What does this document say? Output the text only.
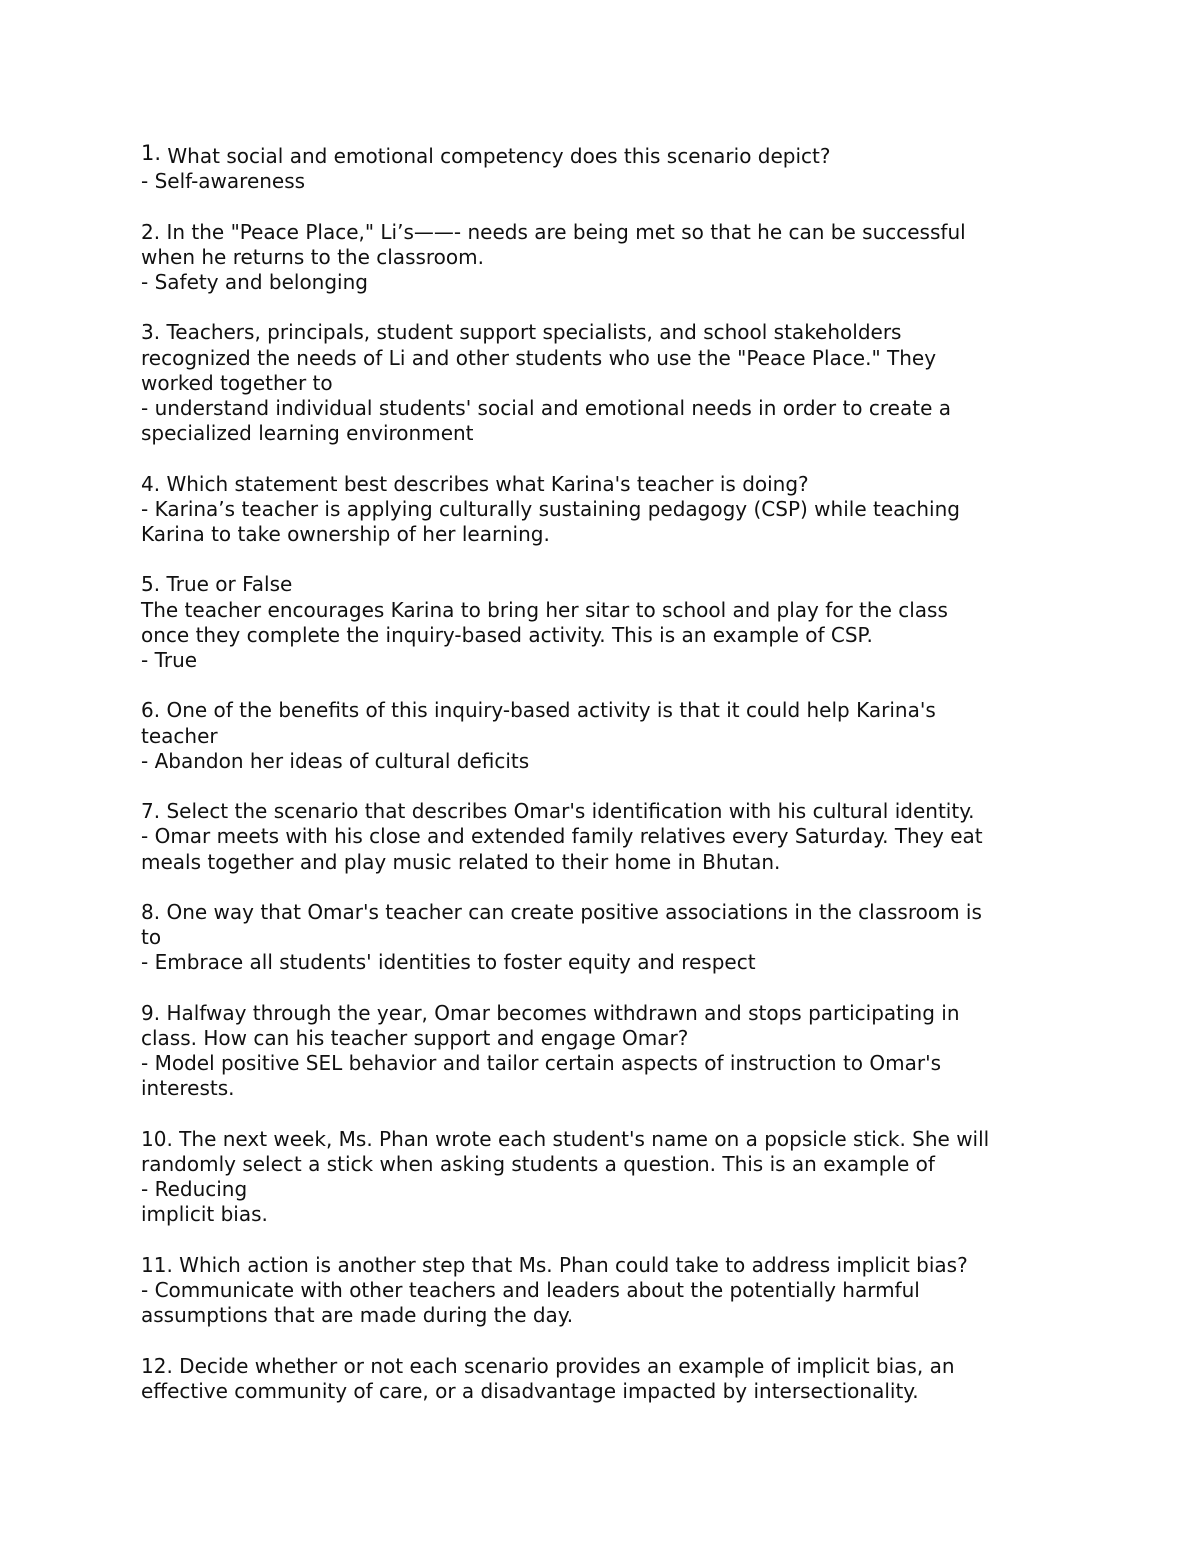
1. What social and emotional competency does this scenario depict?
- Self-awareness
2. In the "Peace Place," Li’s——- needs are being met so that he can be successful
when he returns to the classroom.
- Safety and belonging
3. Teachers, principals, student support specialists, and school stakeholders
recognized the needs of Li and other students who use the "Peace Place." They
worked together to
- understand individual students' social and emotional needs in order to create a
specialized learning environment
4. Which statement best describes what Karina's teacher is doing?
- Karina’s teacher is applying culturally sustaining pedagogy (CSP) while teaching
Karina to take ownership of her learning.
5. True or False
The teacher encourages Karina to bring her sitar to school and play for the class
once they complete the inquiry-based activity. This is an example of CSP.
- True
6. One of the benefits of this inquiry-based activity is that it could help Karina's
teacher
- Abandon her ideas of cultural deficits
7. Select the scenario that describes Omar's identification with his cultural identity.
- Omar meets with his close and extended family relatives every Saturday. They eat
meals together and play music related to their home in Bhutan.
8. One way that Omar's teacher can create positive associations in the classroom is
to
- Embrace all students' identities to foster equity and respect
9. Halfway through the year, Omar becomes withdrawn and stops participating in
class. How can his teacher support and engage Omar?
- Model positive SEL behavior and tailor certain aspects of instruction to Omar's
interests.
10. The next week, Ms. Phan wrote each student's name on a popsicle stick. She will
randomly select a stick when asking students a question. This is an example of
- Reducing
implicit bias.
11. Which action is another step that Ms. Phan could take to address implicit bias?
- Communicate with other teachers and leaders about the potentially harmful
assumptions that are made during the day.
12. Decide whether or not each scenario provides an example of implicit bias, an
effective community of care, or a disadvantage impacted by intersectionality.
